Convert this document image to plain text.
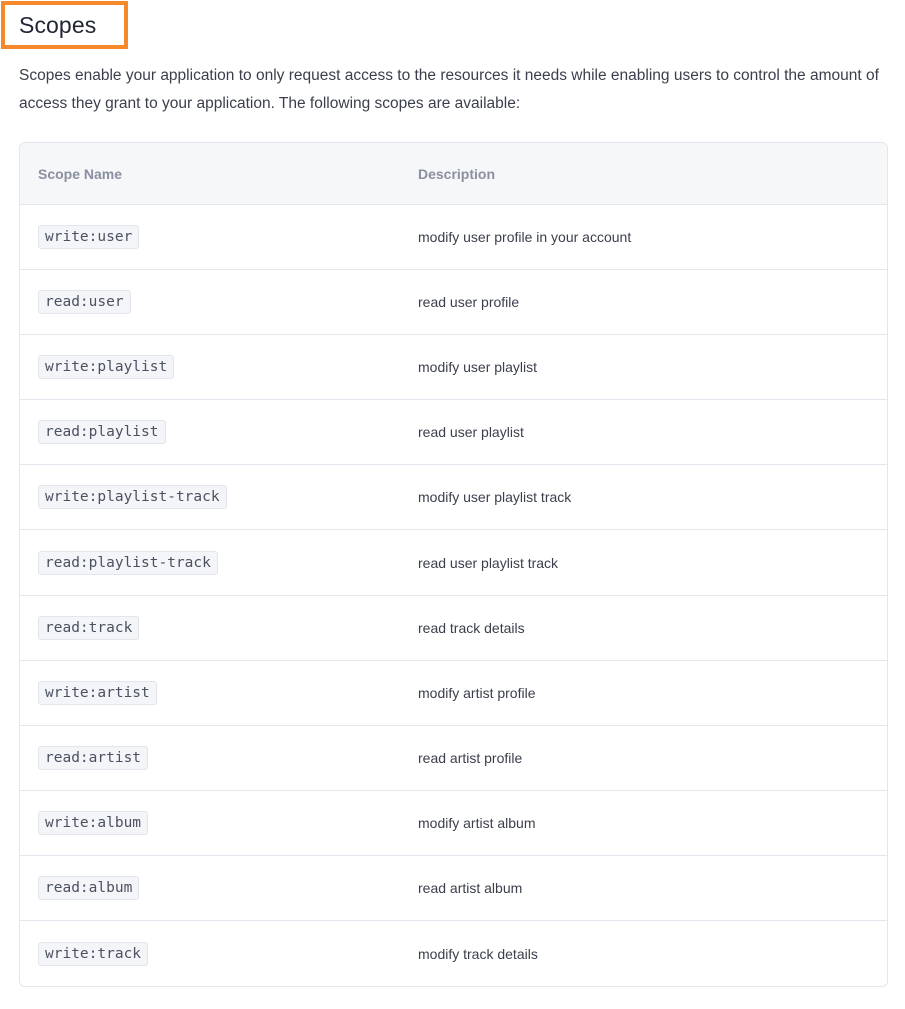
Scopes

Scopes enable your application to only request access to the resources it needs while enabling users to control the amount of access they grant to your application. The following scopes are available:

Scope Name	Description
write:user	modify user profile in your account
read:user	read user profile
write:playlist	modify user playlist
read:playlist	read user playlist
write:playlist-track	modify user playlist track
read:playlist-track	read user playlist track
read:track	read track details
write:artist	modify artist profile
read:artist	read artist profile
write:album	modify artist album
read:album	read artist album
write:track	modify track details
